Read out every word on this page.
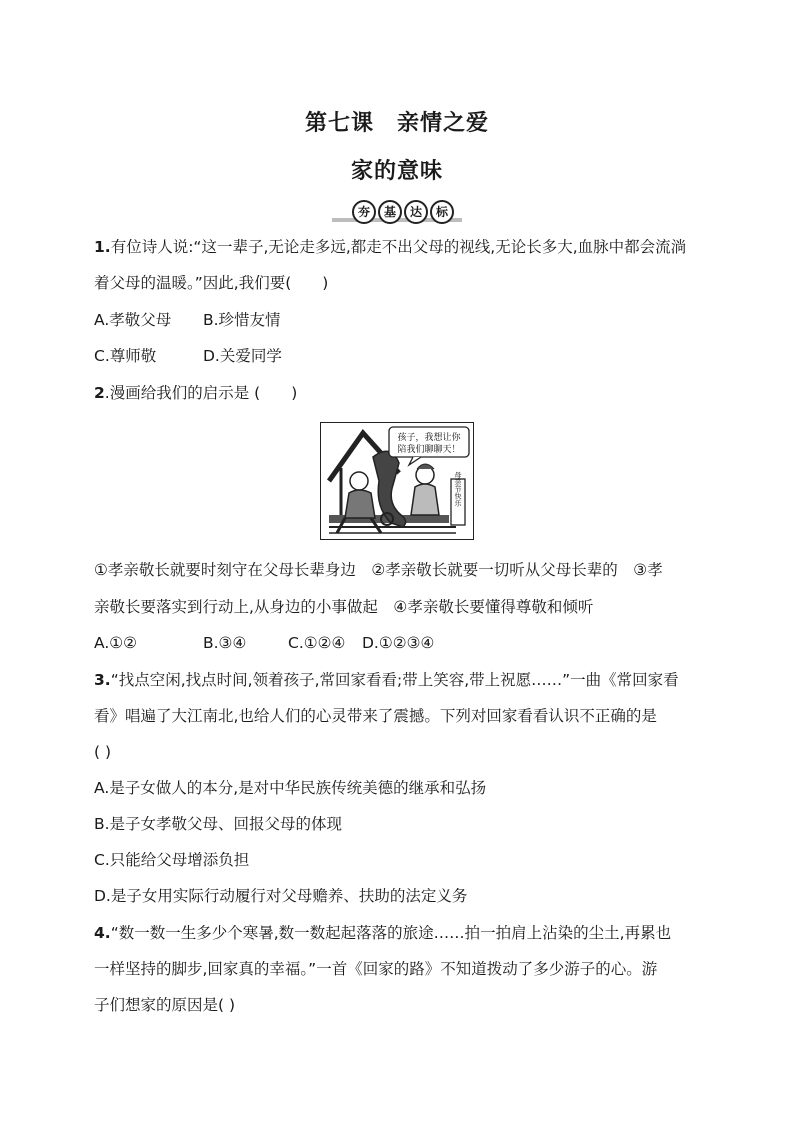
第七课　亲情之爱
家的意味
夯	基	达	标
1.有位诗人说:“这一辈子,无论走多远,都走不出父母的视线,无论长多大,血脉中都会流淌
着父母的温暖。”因此,我们要(　　)
A.孝敬父母 B.珍惜友情
C.尊师敬	D.关爱同学
2.漫画给我们的启示是 (　　)
孩子，我想让你
陪我们聊聊天！
母亲节快乐
①孝亲敬长就要时刻守在父母长辈身边　②孝亲敬长就要一切听从父母长辈的　③孝
亲敬长要落实到行动上,从身边的小事做起　④孝亲敬长要懂得尊敬和倾听
A.①②	B.③④	C.①②④ D.①②③④
3.“找点空闲,找点时间,领着孩子,常回家看看;带上笑容,带上祝愿……”一曲《常回家看
看》唱遍了大江南北,也给人们的心灵带来了震撼。下列对回家看看认识不正确的是
( )
A.是子女做人的本分,是对中华民族传统美德的继承和弘扬
B.是子女孝敬父母、回报父母的体现
C.只能给父母增添负担
D.是子女用实际行动履行对父母赡养、扶助的法定义务
4.“数一数一生多少个寒暑,数一数起起落落的旅途……拍一拍肩上沾染的尘土,再累也
一样坚持的脚步,回家真的幸福。”一首《回家的路》不知道拨动了多少游子的心。游
子们想家的原因是( )
